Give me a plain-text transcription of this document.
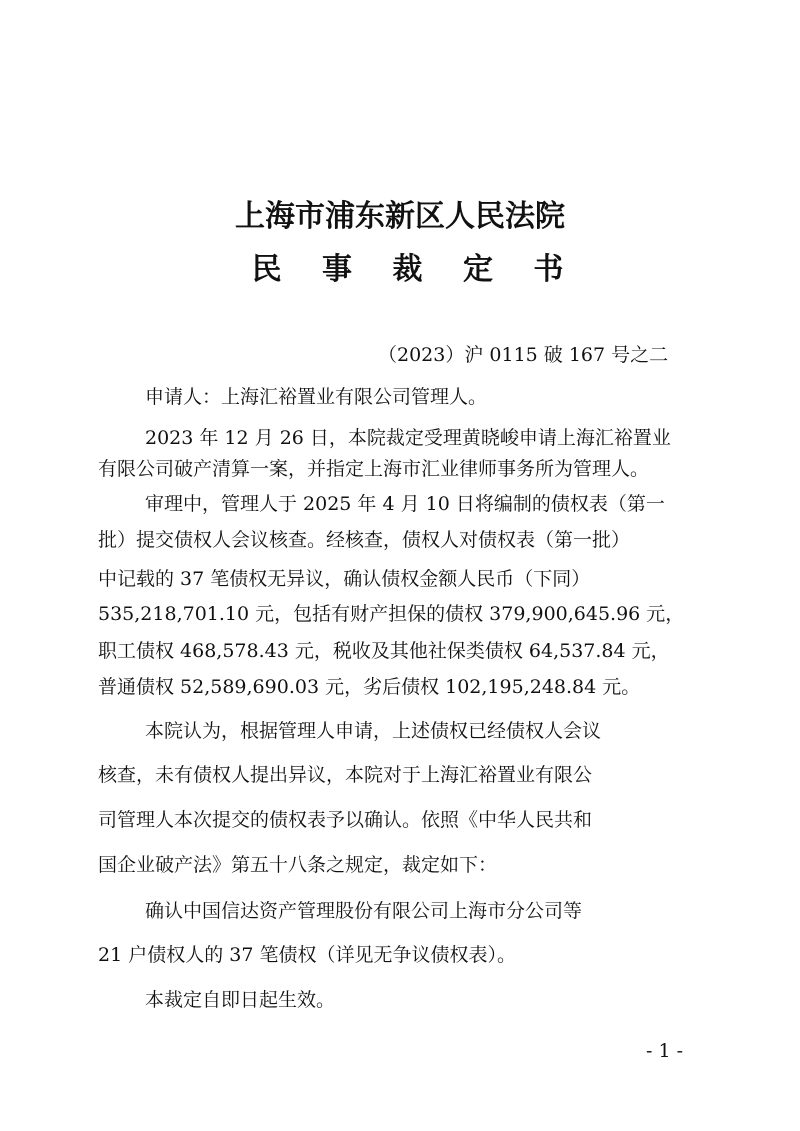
上海市浦东新区人民法院
民 事 裁 定 书
（2023）沪 0115 破 167 号之二
申请人：上海汇裕置业有限公司管理人。
2023 年 12 月 26 日，本院裁定受理黄晓峻申请上海汇裕置业
有限公司破产清算一案，并指定上海市汇业律师事务所为管理人。
审理中，管理人于 2025 年 4 月 10 日将编制的债权表（第一
批）提交债权人会议核查。经核查，债权人对债权表（第一批）
中记载的 37 笔债权无异议，确认债权金额人民币（下同）
535,218,701.10 元，包括有财产担保的债权 379,900,645.96 元，
职工债权 468,578.43 元，税收及其他社保类债权 64,537.84 元，
普通债权 52,589,690.03 元，劣后债权 102,195,248.84 元。
本院认为，根据管理人申请，上述债权已经债权人会议
核查，未有债权人提出异议，本院对于上海汇裕置业有限公
司管理人本次提交的债权表予以确认。依照《中华人民共和
国企业破产法》第五十八条之规定，裁定如下：
确认中国信达资产管理股份有限公司上海市分公司等
21 户债权人的 37 笔债权（详见无争议债权表）。
本裁定自即日起生效。
- 1 -
